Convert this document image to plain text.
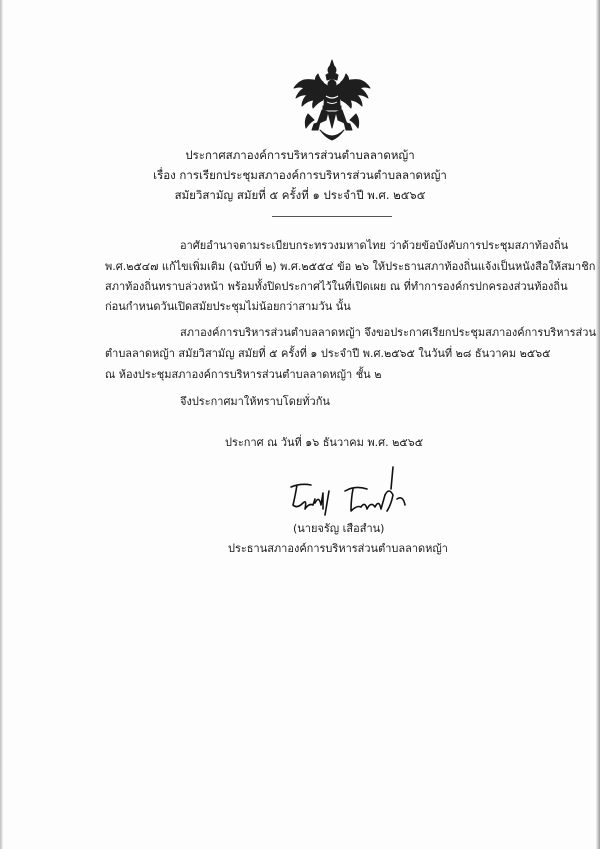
ประกาศสภาองค์การบริหารส่วนตำบลลาดหญ้า
เรื่อง การเรียกประชุมสภาองค์การบริหารส่วนตำบลลาดหญ้า
สมัยวิสามัญ สมัยที่ ๕ ครั้งที่ ๑ ประจำปี พ.ศ. ๒๕๖๕
อาศัยอำนาจตามระเบียบกระทรวงมหาดไทย ว่าด้วยข้อบังคับการประชุมสภาท้องถิ่น
พ.ศ.๒๕๔๗ แก้ไขเพิ่มเติม (ฉบับที่ ๒) พ.ศ.๒๕๕๔ ข้อ ๒๖ ให้ประธานสภาท้องถิ่นแจ้งเป็นหนังสือให้สมาชิก
สภาท้องถิ่นทราบล่วงหน้า พร้อมทั้งปิดประกาศไว้ในที่เปิดเผย ณ ที่ทำการองค์กรปกครองส่วนท้องถิ่น
ก่อนกำหนดวันเปิดสมัยประชุมไม่น้อยกว่าสามวัน นั้น
สภาองค์การบริหารส่วนตำบลลาดหญ้า จึงขอประกาศเรียกประชุมสภาองค์การบริหารส่วน
ตำบลลาดหญ้า สมัยวิสามัญ สมัยที่ ๕ ครั้งที่ ๑ ประจำปี พ.ศ.๒๕๖๕ ในวันที่ ๒๘ ธันวาคม ๒๕๖๕
ณ ห้องประชุมสภาองค์การบริหารส่วนตำบลลาดหญ้า ชั้น ๒
จึงประกาศมาให้ทราบโดยทั่วกัน
ประกาศ ณ วันที่ ๑๖ ธันวาคม พ.ศ. ๒๕๖๕
(นายจรัญ เสือสำน)
ประธานสภาองค์การบริหารส่วนตำบลลาดหญ้า
